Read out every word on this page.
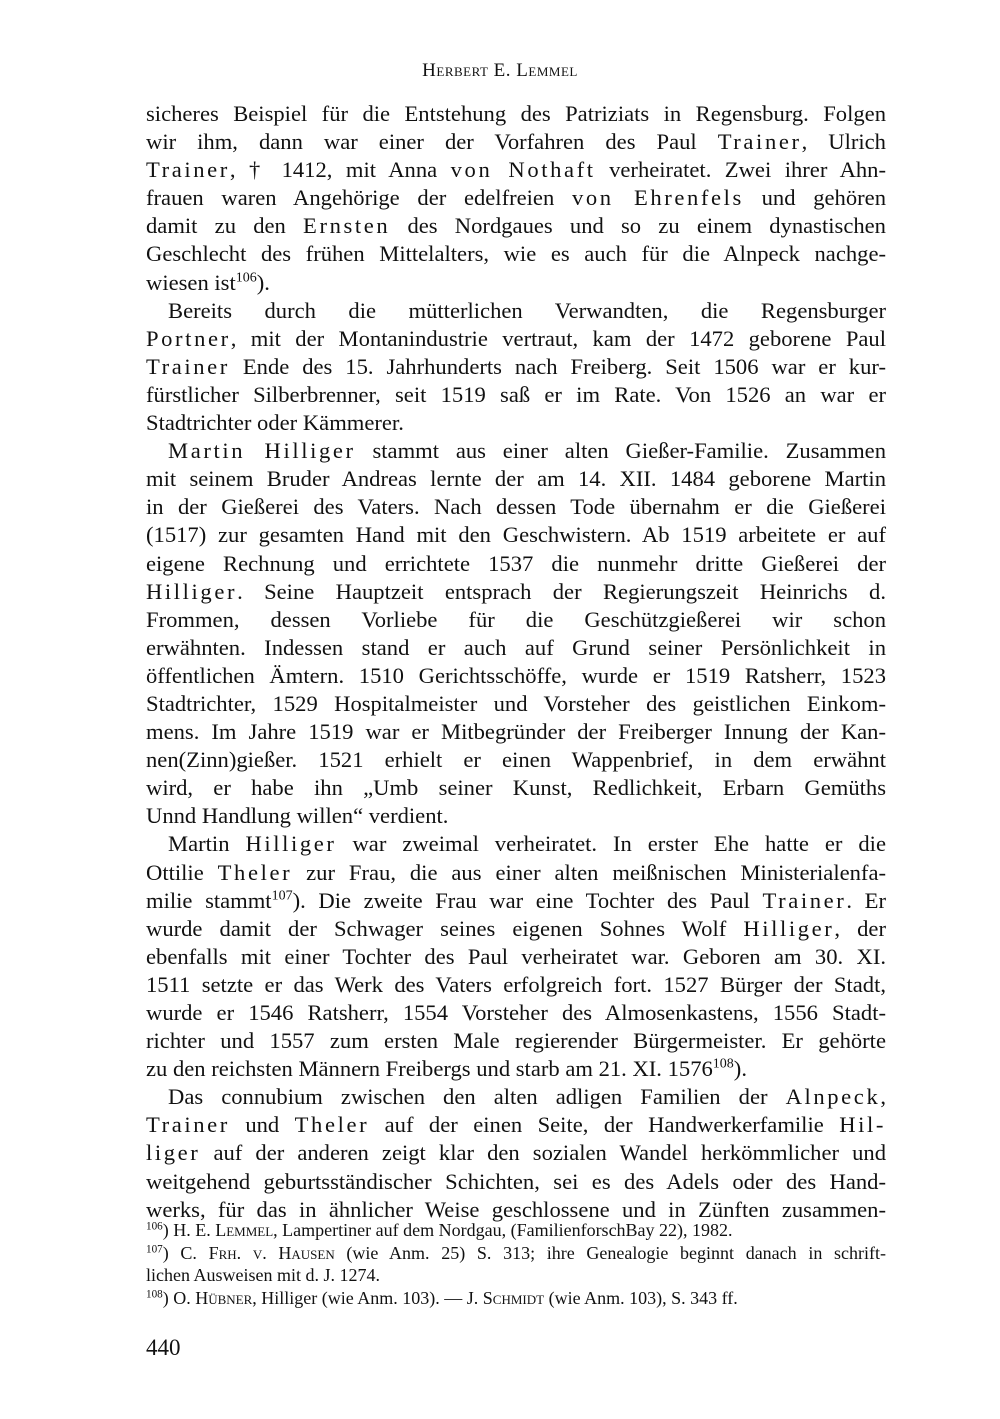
Herbert E. Lemmel
sicheres Beispiel für die Entstehung des Patriziats in Regensburg. Folgen
wir ihm, dann war einer der Vorfahren des Paul Trainer, Ulrich
Trainer, † 1412, mit Anna von Nothaft verheiratet. Zwei ihrer Ahn-
frauen waren Angehörige der edelfreien von Ehrenfels und gehören
damit zu den Ernsten des Nordgaues und so zu einem dynastischen
Geschlecht des frühen Mittelalters, wie es auch für die Alnpeck nachge-
wiesen ist$^{106}$).
Bereits durch die mütterlichen Verwandten, die Regensburger
Portner, mit der Montanindustrie vertraut, kam der 1472 geborene Paul
Trainer Ende des 15. Jahrhunderts nach Freiberg. Seit 1506 war er kur-
fürstlicher Silberbrenner, seit 1519 saß er im Rate. Von 1526 an war er
Stadtrichter oder Kämmerer.
Martin Hilliger stammt aus einer alten Gießer-Familie. Zusammen
mit seinem Bruder Andreas lernte der am 14. XII. 1484 geborene Martin
in der Gießerei des Vaters. Nach dessen Tode übernahm er die Gießerei
(1517) zur gesamten Hand mit den Geschwistern. Ab 1519 arbeitete er auf
eigene Rechnung und errichtete 1537 die nunmehr dritte Gießerei der
Hilliger. Seine Hauptzeit entsprach der Regierungszeit Heinrichs d.
Frommen, dessen Vorliebe für die Geschützgießerei wir schon
erwähnten. Indessen stand er auch auf Grund seiner Persönlichkeit in
öffentlichen Ämtern. 1510 Gerichtsschöffe, wurde er 1519 Ratsherr, 1523
Stadtrichter, 1529 Hospitalmeister und Vorsteher des geistlichen Einkom-
mens. Im Jahre 1519 war er Mitbegründer der Freiberger Innung der Kan-
nen(Zinn)gießer. 1521 erhielt er einen Wappenbrief, in dem erwähnt
wird, er habe ihn „Umb seiner Kunst, Redlichkeit, Erbarn Gemüths
Unnd Handlung willen“ verdient.
Martin Hilliger war zweimal verheiratet. In erster Ehe hatte er die
Ottilie Theler zur Frau, die aus einer alten meißnischen Ministerialenfa-
milie stammt$^{107}$). Die zweite Frau war eine Tochter des Paul Trainer. Er
wurde damit der Schwager seines eigenen Sohnes Wolf Hilliger, der
ebenfalls mit einer Tochter des Paul verheiratet war. Geboren am 30. XI.
1511 setzte er das Werk des Vaters erfolgreich fort. 1527 Bürger der Stadt,
wurde er 1546 Ratsherr, 1554 Vorsteher des Almosenkastens, 1556 Stadt-
richter und 1557 zum ersten Male regierender Bürgermeister. Er gehörte
zu den reichsten Männern Freibergs und starb am 21. XI. 1576$^{108}$).
Das connubium zwischen den alten adligen Familien der Alnpeck,
Trainer und Theler auf der einen Seite, der Handwerkerfamilie Hil-
liger auf der anderen zeigt klar den sozialen Wandel herkömmlicher und
weitgehend geburtsständischer Schichten, sei es des Adels oder des Hand-
werks, für das in ähnlicher Weise geschlossene und in Zünften zusammen-
$^{106}$) H. E. Lemmel, Lampertiner auf dem Nordgau, (FamilienforschBay 22), 1982.
$^{107}$) C. Frh. v. Hausen (wie Anm. 25) S. 313; ihre Genealogie beginnt danach in schrift-
lichen Ausweisen mit d. J. 1274.
$^{108}$) O. Hübner, Hilliger (wie Anm. 103). — J. Schmidt (wie Anm. 103), S. 343 ff.
440
